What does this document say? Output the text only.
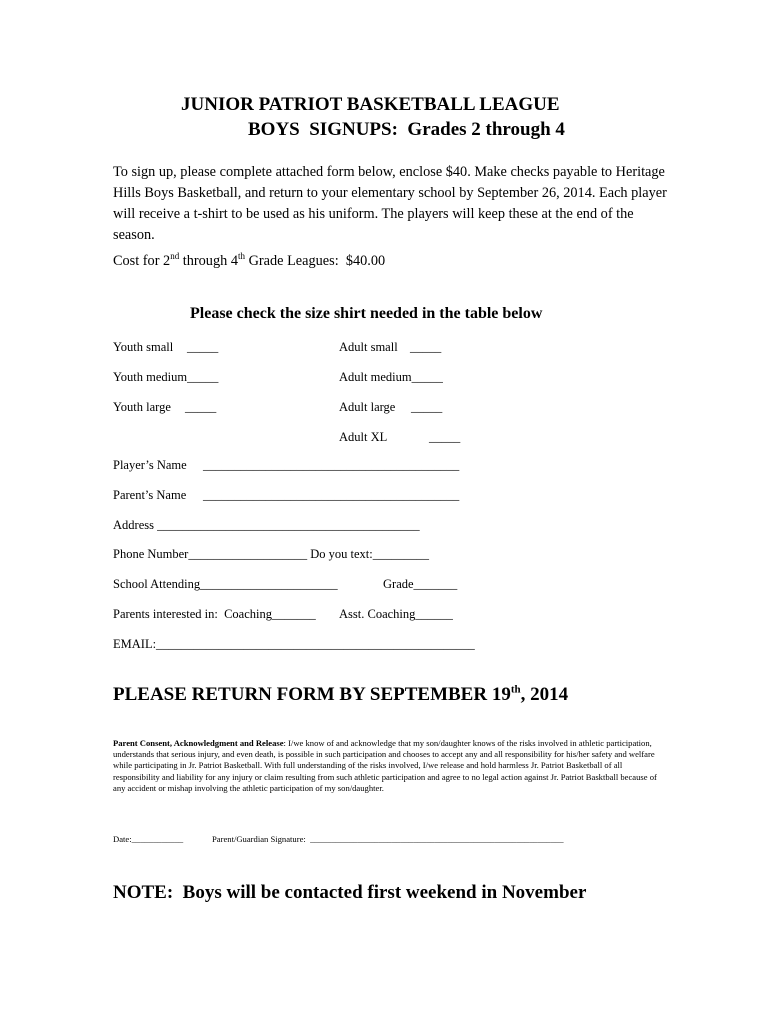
JUNIOR PATRIOT BASKETBALL LEAGUE
BOYS  SIGNUPS:  Grades 2 through 4
To sign up, please complete attached form below, enclose $40. Make checks payable to Heritage Hills Boys Basketball, and return to your elementary school by September 26, 2014. Each player will receive a t-shirt to be used as his uniform. The players will keep these at the end of the season.
Cost for 2nd through 4th Grade Leagues:  $40.00
Please check the size shirt needed in the table below
Youth small _____	Adult small _____
Youth medium_____	Adult medium_____
Youth large _____	Adult large _____
Adult XL	_____
Player’s Name _________________________________________
Parent’s Name _________________________________________
Address __________________________________________
Phone Number___________________ Do you text:_________
School Attending______________________	Grade_______
Parents interested in:  Coaching_______ Asst. Coaching______
EMAIL:___________________________________________________
PLEASE RETURN FORM BY SEPTEMBER 19th, 2014
Parent Consent, Acknowledgment and Release: I/we know of and acknowledge that my son/daughter knows of the risks involved in athletic participation, understands that serious injury, and even death, is possible in such participation and chooses to accept any and all responsibility for his/her safety and welfare while participating in Jr. Patriot Basketball. With full understanding of the risks involved, I/we release and hold harmless Jr. Patriot Basketball of all responsibility and liability for any injury or claim resulting from such athletic participation and agree to no legal action against Jr. Patriot Basktball because of any accident or mishap involving the athletic participation of my son/daughter.
Date:____________	Parent/Guardian Signature:  ___________________________________________________________
NOTE:  Boys will be contacted first weekend in November
